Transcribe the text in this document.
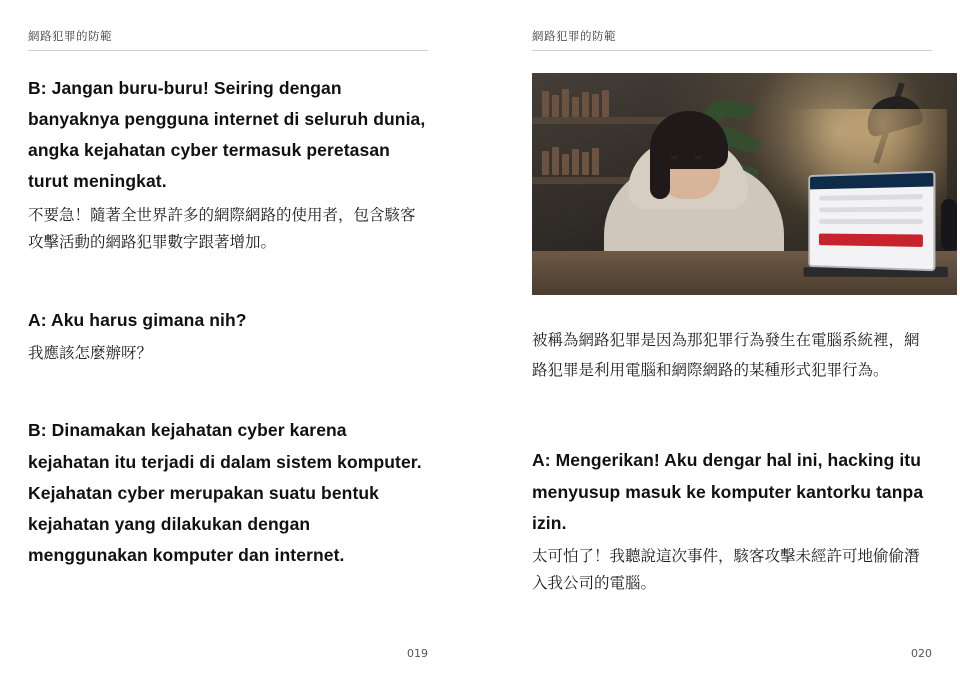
網路犯罪的防範

B: Jangan buru-buru! Seiring dengan banyaknya pengguna internet di seluruh dunia, angka kejahatan cyber termasuk peretasan turut meningkat.

不要急！隨著全世界許多的網際網路的使用者，包含駭客攻擊活動的網路犯罪數字跟著增加。

A: Aku harus gimana nih?

我應該怎麼辦呀？

B: Dinamakan kejahatan cyber karena kejahatan itu terjadi di dalam sistem komputer. Kejahatan cyber merupakan suatu bentuk kejahatan yang dilakukan dengan menggunakan komputer dan internet.

019
網路犯罪的防範

被稱為網路犯罪是因為那犯罪行為發生在電腦系統裡，網路犯罪是利用電腦和網際網路的某種形式犯罪行為。

A: Mengerikan! Aku dengar hal ini, hacking itu menyusup masuk ke komputer kantorku tanpa izin.

太可怕了！我聽說這次事件，駭客攻擊未經許可地偷偷潛入我公司的電腦。

020
